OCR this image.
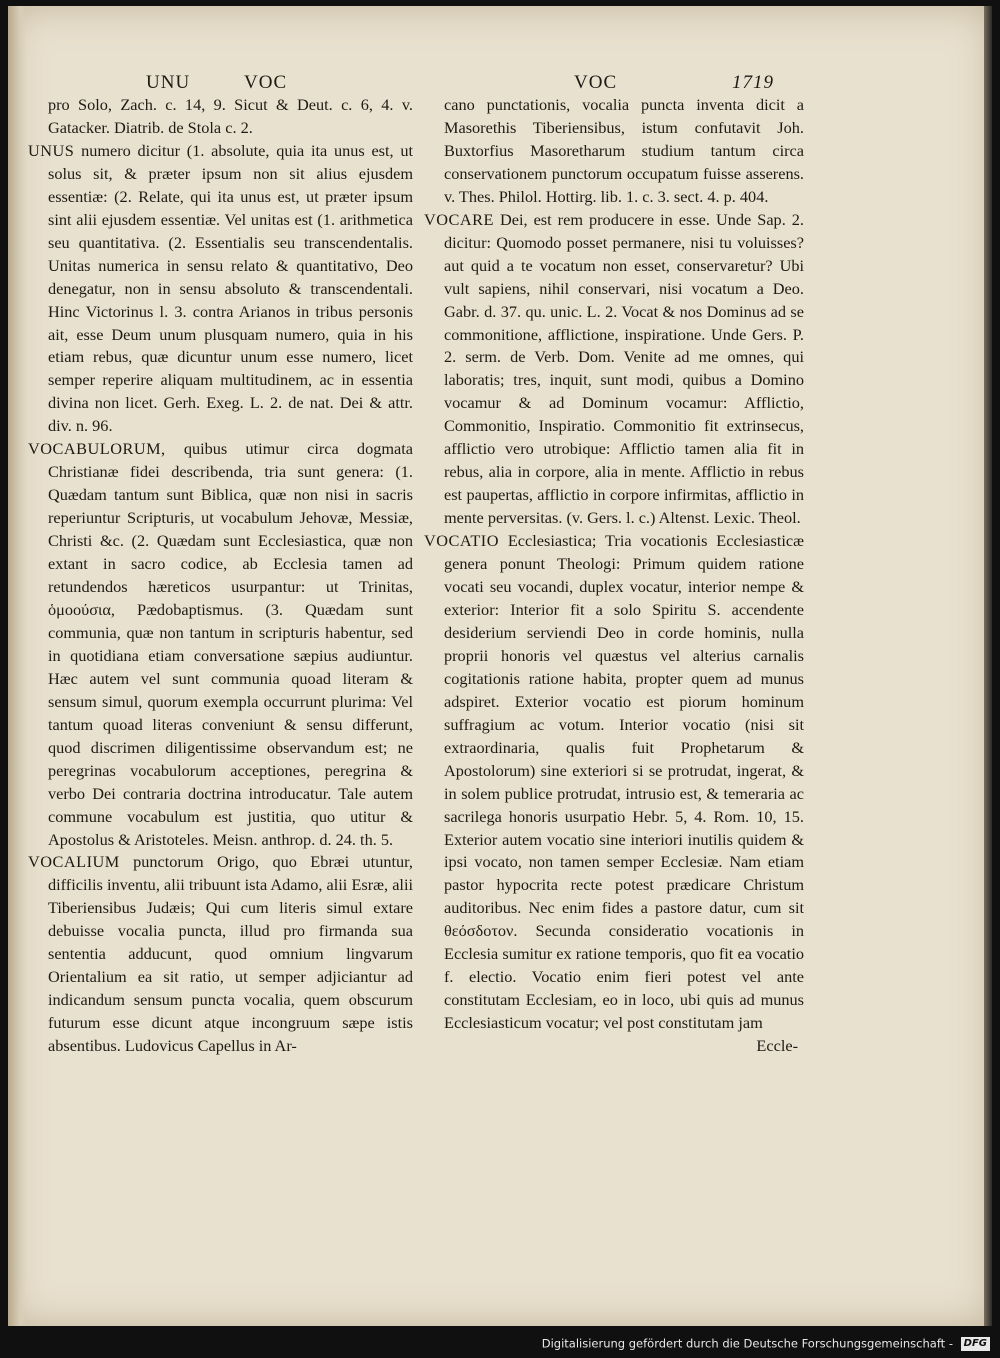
UNU	VOC	VOC	1719

pro Solo, Zach. c. 14, 9. Sicut & Deut. c. 6, 4. v. Gatacker. Diatrib. de Stola c. 2.

UNUS numero dicitur (1. absolute, quia ita unus est, ut solus sit, & præter ipsum non sit alius ejusdem essentiæ: (2. Relate, qui ita unus est, ut præter ipsum sint alii ejusdem essentiæ. Vel unitas est (1. arithmetica seu quantitativa. (2. Essentialis seu transcendentalis. Unitas numerica in sensu relato & quantitativo, Deo denegatur, non in sensu absoluto & transcendentali. Hinc Victorinus l. 3. contra Arianos in tribus personis ait, esse Deum unum plusquam numero, quia in his etiam rebus, quæ dicuntur unum esse numero, licet semper reperire aliquam multitudinem, ac in essentia divina non licet. Gerh. Exeg. L. 2. de nat. Dei & attr. div. n. 96.

VOCABULORUM, quibus utimur circa dogmata Christianæ fidei describenda, tria sunt genera: (1. Quædam tantum sunt Biblica, quæ non nisi in sacris reperiuntur Scripturis, ut vocabulum Jehovæ, Messiæ, Christi &c. (2. Quædam sunt Ecclesiastica, quæ non extant in sacro codice, ab Ecclesia tamen ad retundendos hæreticos usurpantur: ut Trinitas, ὁμοούσια, Pædobaptismus. (3. Quædam sunt communia, quæ non tantum in scripturis habentur, sed in quotidiana etiam conversatione sæpius audiuntur. Hæc autem vel sunt communia quoad literam & sensum simul, quorum exempla occurrunt plurima: Vel tantum quoad literas conveniunt & sensu differunt, quod discrimen diligentissime observandum est; ne peregrinas vocabulorum acceptiones, peregrina & verbo Dei contraria doctrina introducatur. Tale autem commune vocabulum est justitia, quo utitur & Apostolus & Aristoteles. Meisn. anthrop. d. 24. th. 5.

VOCALIUM punctorum Origo, quo Ebræi utuntur, difficilis inventu, alii tribuunt ista Adamo, alii Esræ, alii Tiberiensibus Judæis; Qui cum literis simul extare debuisse vocalia puncta, illud pro firmanda sua sententia adducunt, quod omnium lingvarum Orientalium ea sit ratio, ut semper adjiciantur ad indicandum sensum puncta vocalia, quem obscurum futurum esse dicunt atque incongruum sæpe istis absentibus. Ludovicus Capellus in Ar-

cano punctationis, vocalia puncta inventa dicit a Masorethis Tiberiensibus, istum confutavit Joh. Buxtorfius Masoretharum studium tantum circa conservationem punctorum occupatum fuisse asserens. v. Thes. Philol. Hottirg. lib. 1. c. 3. sect. 4. p. 404.

VOCARE Dei, est rem producere in esse. Unde Sap. 2. dicitur: Quomodo posset permanere, nisi tu voluisses? aut quid a te vocatum non esset, conservaretur? Ubi vult sapiens, nihil conservari, nisi vocatum a Deo. Gabr. d. 37. qu. unic. L. 2. Vocat & nos Dominus ad se commonitione, afflictione, inspiratione. Unde Gers. P. 2. serm. de Verb. Dom. Venite ad me omnes, qui laboratis; tres, inquit, sunt modi, quibus a Domino vocamur & ad Dominum vocamur: Afflictio, Commonitio, Inspiratio. Commonitio fit extrinsecus, afflictio vero utrobique: Afflictio tamen alia fit in rebus, alia in corpore, alia in mente. Afflictio in rebus est paupertas, afflictio in corpore infirmitas, afflictio in mente perversitas. (v. Gers. l. c.) Altenst. Lexic. Theol.

VOCATIO Ecclesiastica; Tria vocationis Ecclesiasticæ genera ponunt Theologi: Primum quidem ratione vocati seu vocandi, duplex vocatur, interior nempe & exterior: Interior fit a solo Spiritu S. accendente desiderium serviendi Deo in corde hominis, nulla proprii honoris vel quæstus vel alterius carnalis cogitationis ratione habita, propter quem ad munus adspiret. Exterior vocatio est piorum hominum suffragium ac votum. Interior vocatio (nisi sit extraordinaria, qualis fuit Prophetarum & Apostolorum) sine exteriori si se protrudat, ingerat, & in solem publice protrudat, intrusio est, & temeraria ac sacrilega honoris usurpatio Hebr. 5, 4. Rom. 10, 15. Exterior autem vocatio sine interiori inutilis quidem & ipsi vocato, non tamen semper Ecclesiæ. Nam etiam pastor hypocrita recte potest prædicare Christum auditoribus. Nec enim fides a pastore datur, cum sit θεόσδοτον. Secunda consideratio vocationis in Ecclesia sumitur ex ratione temporis, quo fit ea vocatio f. electio. Vocatio enim fieri potest vel ante constitutam Ecclesiam, eo in loco, ubi quis ad munus Ecclesiasticum vocatur; vel post constitutam jam

Eccle-

Digitalisierung gefördert durch die Deutsche Forschungsgemeinschaft - DFG
